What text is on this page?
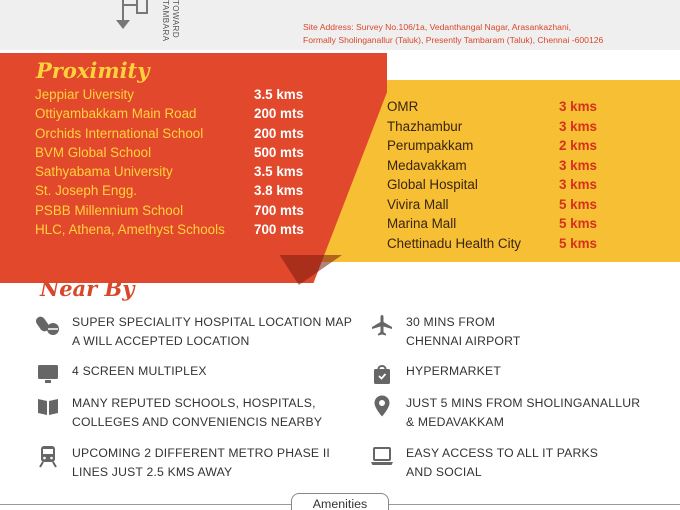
TOWARD
TAMBARA	Site Address: Survey No.106/1a, Vedanthangal Nagar, Arasankazhani,
Formally Sholinganallur (Taluk), Presently Tambaram (Taluk), Chennai -600126
Proximity
Jeppiar Uiversity	3.5 kms
Ottiyambakkam Main Road	200 mts
Orchids International School	200 mts
BVM Global School	500 mts
Sathyabama University	3.5 kms
St. Joseph Engg.	3.8 kms
PSBB Millennium School	700 mts
HLC, Athena, Amethyst Schools 700 mts
OMR	3 kms
Thazhambur	3 kms
Perumpakkam	2 kms
Medavakkam	3 kms
Global Hospital	3 kms
Vivira Mall	5 kms
Marina Mall	5 kms
Chettinadu Health City	5 kms
Near By
SUPER SPECIALITY HOSPITAL LOCATION MAP
A WILL ACCEPTED LOCATION
4 SCREEN MULTIPLEX
MANY REPUTED SCHOOLS, HOSPITALS,
COLLEGES AND CONVENIENCIS NEARBY
UPCOMING 2 DIFFERENT METRO PHASE II
LINES JUST 2.5 KMS AWAY
30 MINS FROM
CHENNAI AIRPORT
HYPERMARKET
JUST 5 MINS FROM SHOLINGANALLUR
& MEDAVAKKAM
EASY ACCESS TO ALL IT PARKS
AND SOCIAL
Amenities
